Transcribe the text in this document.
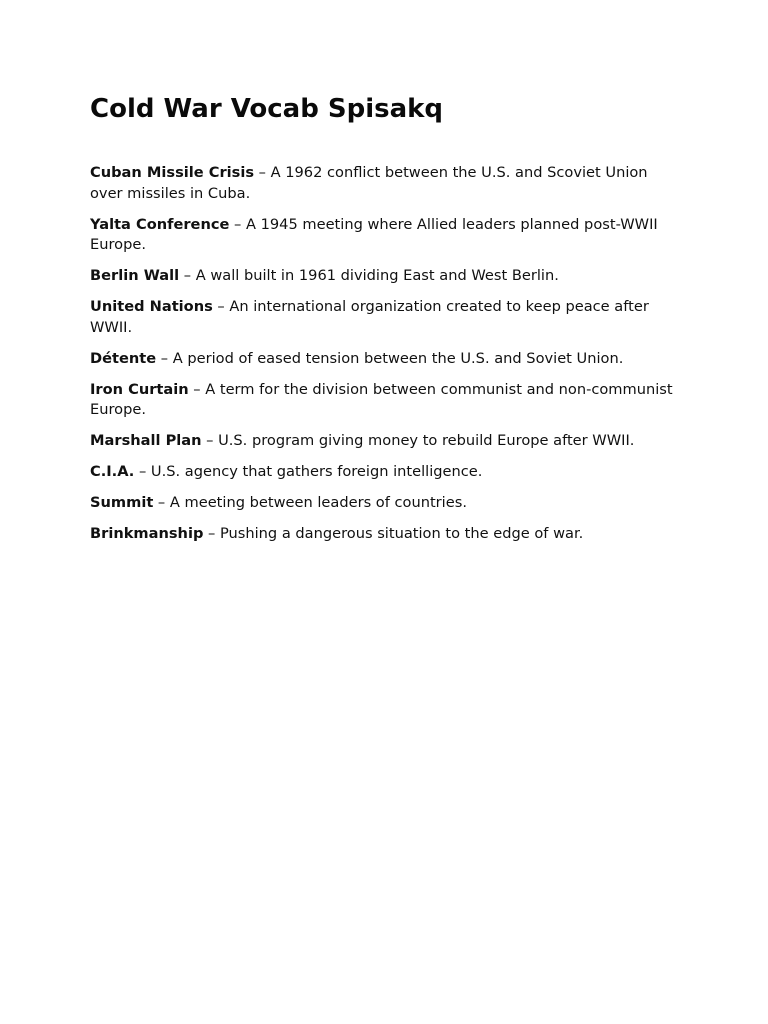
Cold War Vocab Spisakq

Cuban Missile Crisis – A 1962 conflict between the U.S. and Scoviet Union over missiles in Cuba.

Yalta Conference – A 1945 meeting where Allied leaders planned post-WWII Europe.

Berlin Wall – A wall built in 1961 dividing East and West Berlin.

United Nations – An international organization created to keep peace after WWII.

Détente – A period of eased tension between the U.S. and Soviet Union.

Iron Curtain – A term for the division between communist and non-communist Europe.

Marshall Plan – U.S. program giving money to rebuild Europe after WWII.

C.I.A. – U.S. agency that gathers foreign intelligence.

Summit – A meeting between leaders of countries.

Brinkmanship – Pushing a dangerous situation to the edge of war.
